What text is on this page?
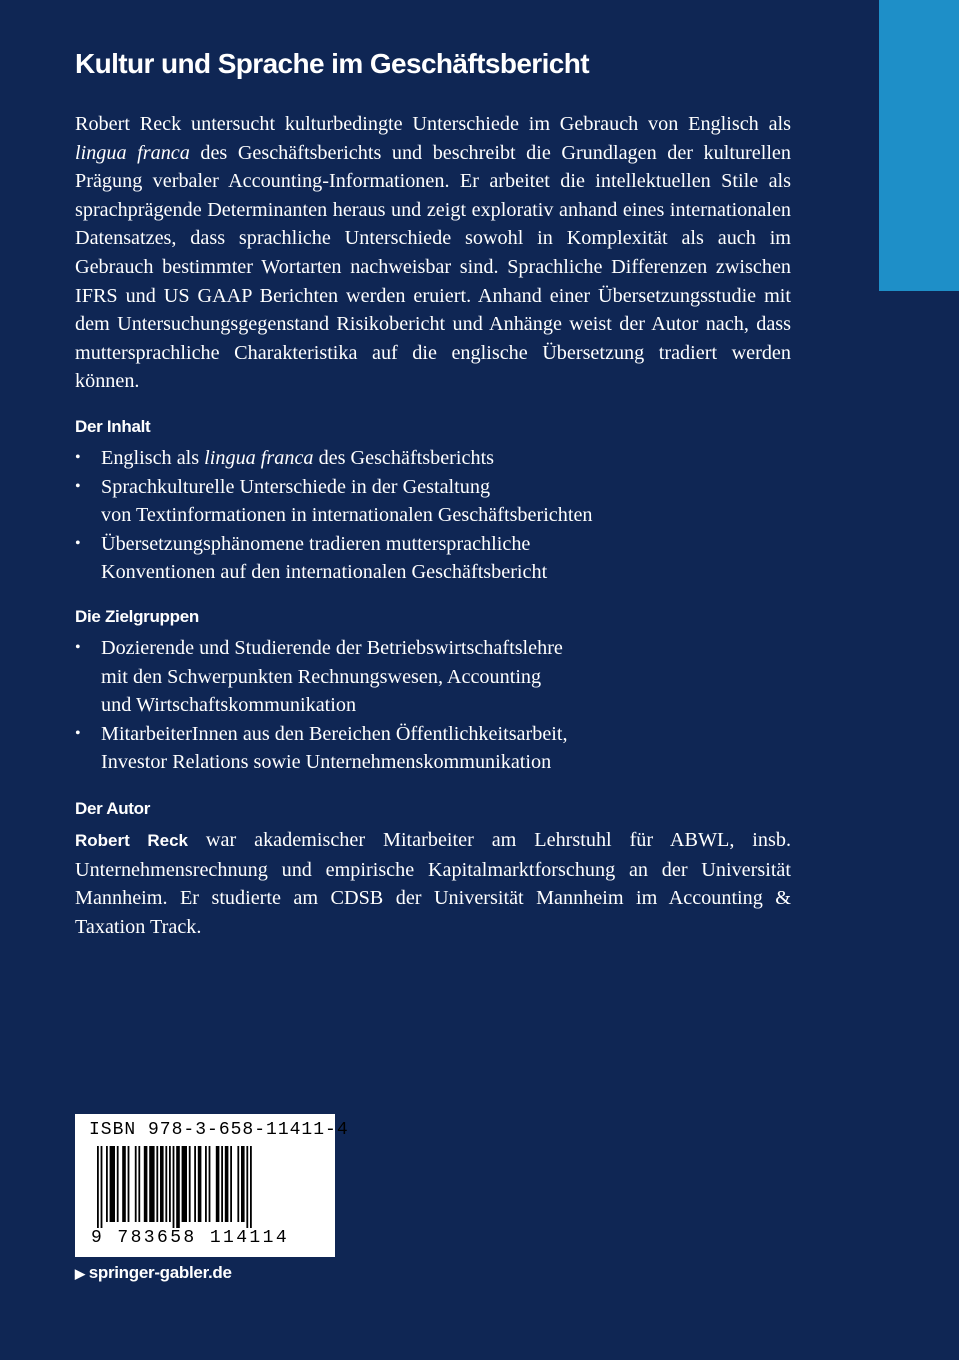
Kultur und Sprache im Geschäftsbericht

Robert Reck untersucht kulturbedingte Unterschiede im Gebrauch von Englisch als lingua franca des Geschäftsberichts und beschreibt die Grundlagen der kulturellen Prägung verbaler Accounting-Informationen. Er arbeitet die intellektuellen Stile als sprachprägende Determinanten heraus und zeigt explorativ anhand eines internationalen Datensatzes, dass sprachliche Unterschiede sowohl in Komplexität als auch im Gebrauch bestimmter Wortarten nachweisbar sind. Sprachliche Differenzen zwischen IFRS und US GAAP Berichten werden eruiert. Anhand einer Übersetzungsstudie mit dem Untersuchungsgegenstand Risikobericht und Anhänge weist der Autor nach, dass muttersprachliche Charakteristika auf die englische Übersetzung tradiert werden können.

Der Inhalt
• Englisch als lingua franca des Geschäftsberichts
• Sprachkulturelle Unterschiede in der Gestaltung
von Textinformationen in internationalen Geschäftsberichten
• Übersetzungsphänomene tradieren muttersprachliche
Konventionen auf den internationalen Geschäftsbericht
Die Zielgruppen
• Dozierende und Studierende der Betriebswirtschaftslehre
mit den Schwerpunkten Rechnungswesen, Accounting
und Wirtschaftskommunikation
• MitarbeiterInnen aus den Bereichen Öffentlichkeitsarbeit,
Investor Relations sowie Unternehmenskommunikation
Der Autor

Robert Reck war akademischer Mitarbeiter am Lehrstuhl für ABWL, insb. Unternehmensrechnung und empirische Kapitalmarktforschung an der Universität Mannheim. Er studierte am CDSB der Universität Mannheim im Accounting & Taxation Track.

ISBN 978-3-658-11411-4
9 783658 114114
▶ springer-gabler.de
